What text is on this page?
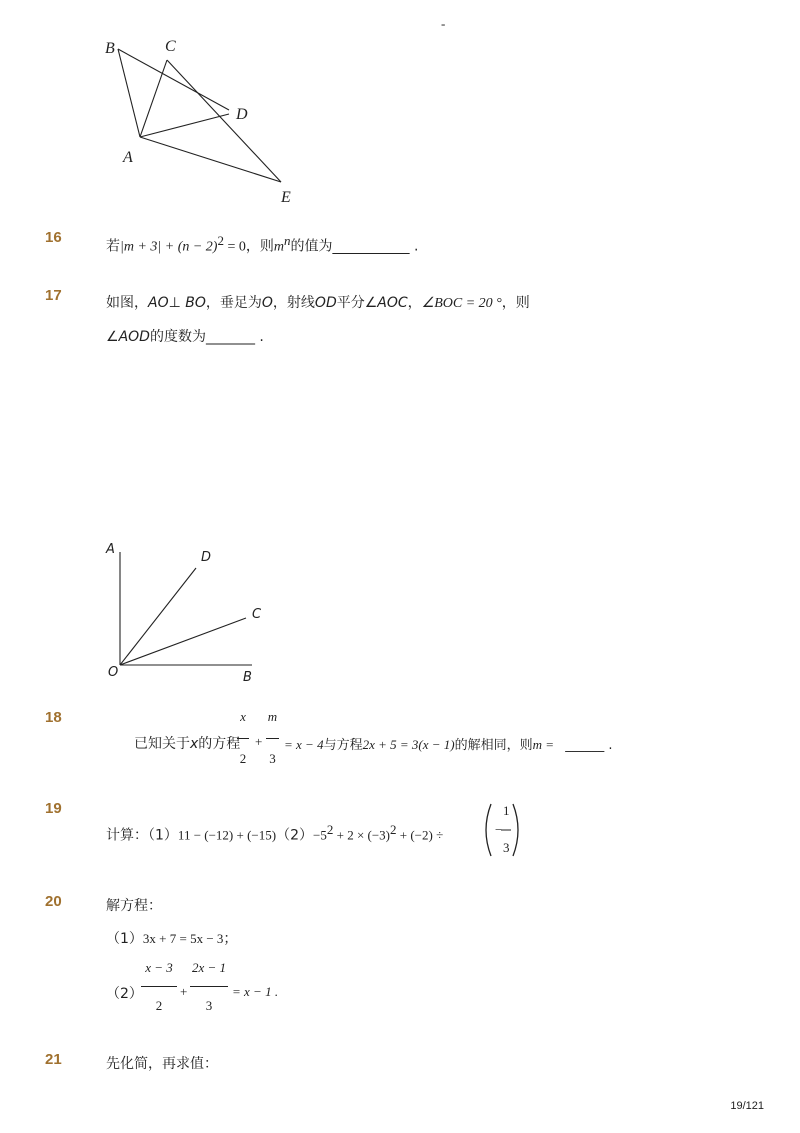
-
B	C
D
A
E
16
若$|m + 3| + (n - 2)^2 = 0$，则$m^n$的值为___________ .
17	如图，AO⊥ BO，垂足为O，射线OD平分∠AOC，∠BOC = 20 °，则
∠AOD的度数为_______ .
A
D
C
O	B
18
已知关于x的方程
x
2
+
m
3
= x − 4与方程2x + 5 = 3(x − 1)的解相同，则m = ______ .
19
计算：$(1)11 - (-12) + (-15)(2)-5^2 + 2 \times (-3)^2 + (-2)$ ÷	−
1
3
20	解方程：
（1）3x + 7 = 5x − 3；
（2）
x − 3
2
+
2x − 1
3
= x − 1 .
21	先化简，再求值：
19/121
